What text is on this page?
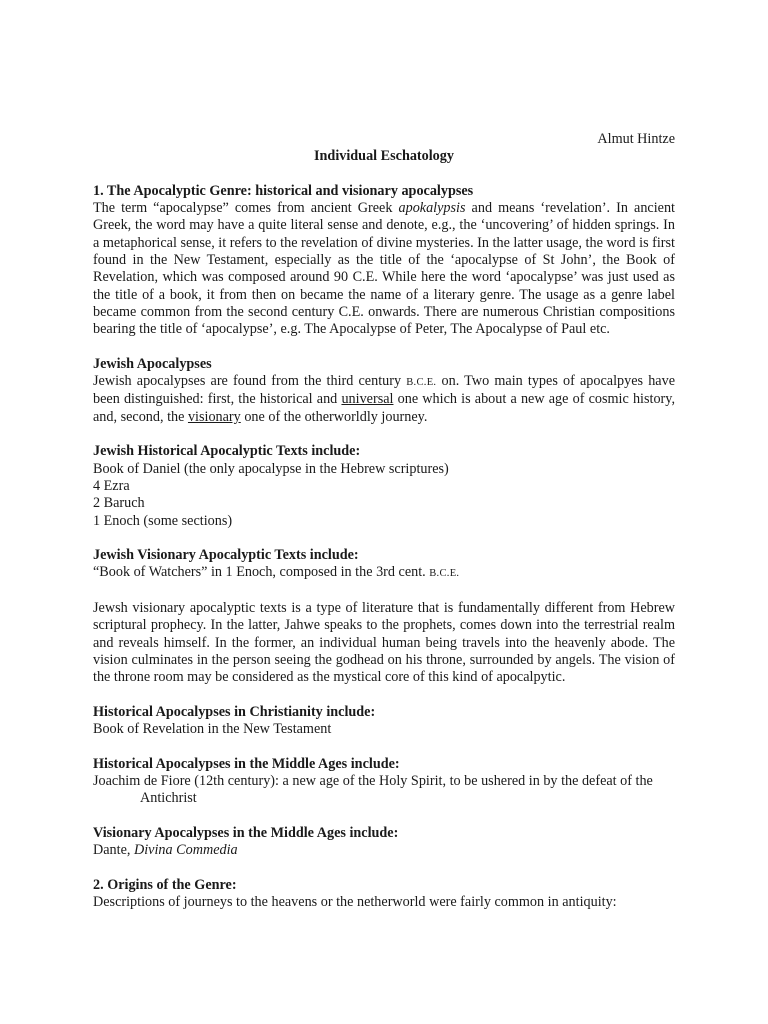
Almut Hintze

Individual Eschatology

1. The Apocalyptic Genre: historical and visionary apocalypses

The term “apocalypse” comes from ancient Greek apokalypsis and means ‘revelation’. In ancient Greek, the word may have a quite literal sense and denote, e.g., the ‘uncovering’ of hidden springs. In a metaphorical sense, it refers to the revelation of divine mysteries. In the latter usage, the word is first found in the New Testament, especially as the title of the ‘apocalypse of St John’, the Book of Revelation, which was composed around 90 C.E. While here the word ‘apocalypse’ was just used as the title of a book, it from then on became the name of a literary genre. The usage as a genre label became common from the second century C.E. onwards. There are numerous Christian compositions bearing the title of ‘apocalypse’, e.g. The Apocalypse of Peter, The Apocalypse of Paul etc.

Jewish Apocalypses

Jewish apocalypses are found from the third century B.C.E. on. Two main types of apocalpyes have been distinguished: first, the historical and universal one which is about a new age of cosmic history, and, second, the visionary one of the otherworldly journey.

Jewish Historical Apocalyptic Texts include:

Book of Daniel (the only apocalypse in the Hebrew scriptures)

4 Ezra

2 Baruch

1 Enoch (some sections)

Jewish Visionary Apocalyptic Texts include:

“Book of Watchers” in 1 Enoch, composed in the 3rd cent. B.C.E.

Jewsh visionary apocalyptic texts is a type of literature that is fundamentally different from Hebrew scriptural prophecy. In the latter, Jahwe speaks to the prophets, comes down into the terrestrial realm and reveals himself. In the former, an individual human being travels into the heavenly abode. The vision culminates in the person seeing the godhead on his throne, surrounded by angels. The vision of the throne room may be considered as the mystical core of this kind of apocalpytic.

Historical Apocalypses in Christianity include:

Book of Revelation in the New Testament

Historical Apocalypses in the Middle Ages include:

Joachim de Fiore (12th century): a new age of the Holy Spirit, to be ushered in by the defeat of the Antichrist

Visionary Apocalypses in the Middle Ages include:

Dante, Divina Commedia

2. Origins of the Genre:

Descriptions of journeys to the heavens or the netherworld were fairly common in antiquity:
